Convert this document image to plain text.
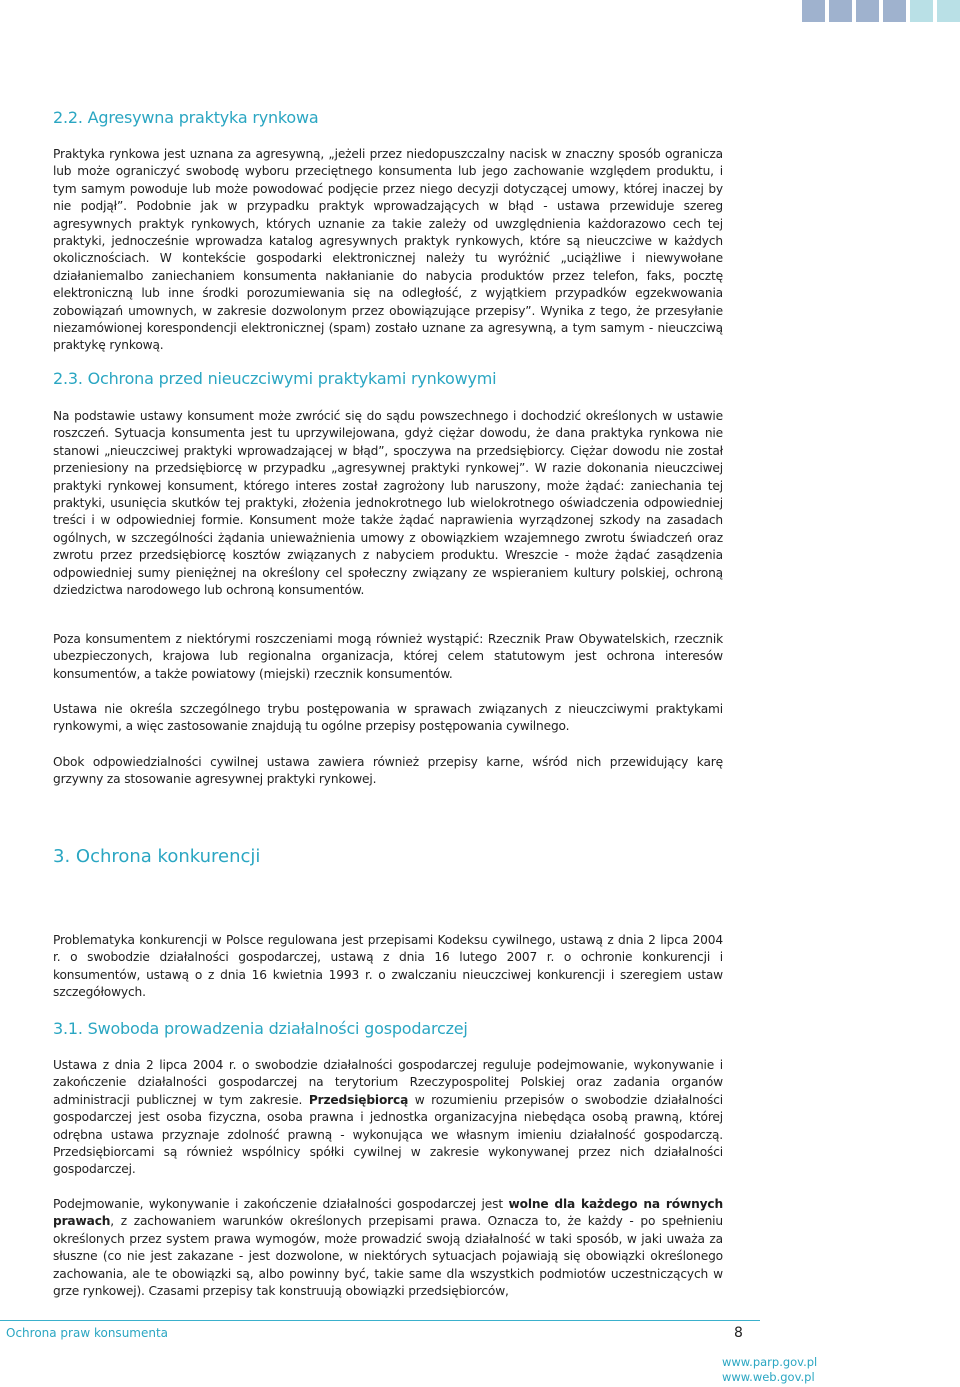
2.2. Agresywna praktyka rynkowa

Praktyka rynkowa jest uznana za agresywną, „jeżeli przez niedopuszczalny nacisk w znaczny sposób ogranicza lub może ograniczyć swobodę wyboru przeciętnego konsumenta lub jego zachowanie względem produktu, i tym samym powoduje lub może powodować podjęcie przez niego decyzji dotyczącej umowy, której inaczej by nie podjął”. Podobnie jak w przypadku praktyk wprowadzających w błąd - ustawa przewiduje szereg agresywnych praktyk rynkowych, których uznanie za takie zależy od uwzględnienia każdorazowo cech tej praktyki, jednocześnie wprowadza katalog agresywnych praktyk rynkowych, które są nieuczciwe w każdych okolicznościach. W kontekście gospodarki elektronicznej należy tu wyróżnić „uciążliwe i niewywołane działaniemalbo zaniechaniem konsumenta nakłanianie do nabycia produktów przez telefon, faks, pocztę elektroniczną lub inne środki porozumiewania się na odległość, z wyjątkiem przypadków egzekwowania zobowiązań umownych, w zakresie dozwolonym przez obowiązujące przepisy”. Wynika z tego, że przesyłanie niezamówionej korespondencji elektronicznej (spam) zostało uznane za agresywną, a tym samym - nieuczciwą praktykę rynkową.

2.3. Ochrona przed nieuczciwymi praktykami rynkowymi

Na podstawie ustawy konsument może zwrócić się do sądu powszechnego i dochodzić określonych w ustawie roszczeń. Sytuacja konsumenta jest tu uprzywilejowana, gdyż ciężar dowodu, że dana praktyka rynkowa nie stanowi „nieuczciwej praktyki wprowadzającej w błąd”, spoczywa na przedsiębiorcy. Ciężar dowodu nie został przeniesiony na przedsiębiorcę w przypadku „agresywnej praktyki rynkowej”. W razie dokonania nieuczciwej praktyki rynkowej konsument, którego interes został zagrożony lub naruszony, może żądać: zaniechania tej praktyki, usunięcia skutków tej praktyki, złożenia jednokrotnego lub wielokrotnego oświadczenia odpowiedniej treści i w odpowiedniej formie. Konsument może także żądać naprawienia wyrządzonej szkody na zasadach ogólnych, w szczególności żądania unieważnienia umowy z obowiązkiem wzajemnego zwrotu świadczeń oraz zwrotu przez przedsiębiorcę kosztów związanych z nabyciem produktu. Wreszcie - może żądać zasądzenia odpowiedniej sumy pieniężnej na określony cel społeczny związany ze wspieraniem kultury polskiej, ochroną dziedzictwa narodowego lub ochroną konsumentów.

Poza konsumentem z niektórymi roszczeniami mogą również wystąpić: Rzecznik Praw Obywatelskich, rzecznik ubezpieczonych, krajowa lub regionalna organizacja, której celem statutowym jest ochrona interesów konsumentów, a także powiatowy (miejski) rzecznik konsumentów.

Ustawa nie określa szczególnego trybu postępowania w sprawach związanych z nieuczciwymi praktykami rynkowymi, a więc zastosowanie znajdują tu ogólne przepisy postępowania cywilnego.

Obok odpowiedzialności cywilnej ustawa zawiera również przepisy karne, wśród nich przewidujący karę grzywny za stosowanie agresywnej praktyki rynkowej.

3. Ochrona konkurencji

Problematyka konkurencji w Polsce regulowana jest przepisami Kodeksu cywilnego, ustawą z dnia 2 lipca 2004 r. o swobodzie działalności gospodarczej, ustawą z dnia 16 lutego 2007 r. o ochronie konkurencji i konsumentów, ustawą o z dnia 16 kwietnia 1993 r. o zwalczaniu nieuczciwej konkurencji i szeregiem ustaw szczegółowych.

3.1. Swoboda prowadzenia działalności gospodarczej

Ustawa z dnia 2 lipca 2004 r. o swobodzie działalności gospodarczej reguluje podejmowanie, wykonywanie i zakończenie działalności gospodarczej na terytorium Rzeczypospolitej Polskiej oraz zadania organów administracji publicznej w tym zakresie. Przedsiębiorcą w rozumieniu przepisów o swobodzie działalności gospodarczej jest osoba fizyczna, osoba prawna i jednostka organizacyjna niebędąca osobą prawną, której odrębna ustawa przyznaje zdolność prawną - wykonująca we własnym imieniu działalność gospodarczą. Przedsiębiorcami są również wspólnicy spółki cywilnej w zakresie wykonywanej przez nich działalności gospodarczej.

Podejmowanie, wykonywanie i zakończenie działalności gospodarczej jest wolne dla każdego na równych prawach, z zachowaniem warunków określonych przepisami prawa. Oznacza to, że każdy - po spełnieniu określonych przez system prawa wymogów, może prowadzić swoją działalność w taki sposób, w jaki uważa za słuszne (co nie jest zakazane - jest dozwolone, w niektórych sytuacjach pojawiają się obowiązki określonego zachowania, ale te obowiązki są, albo powinny być, takie same dla wszystkich podmiotów uczestniczących w grze rynkowej). Czasami przepisy tak konstruują obowiązki przedsiębiorców,

Ochrona praw konsumenta	8
www.parp.gov.pl
www.web.gov.pl
